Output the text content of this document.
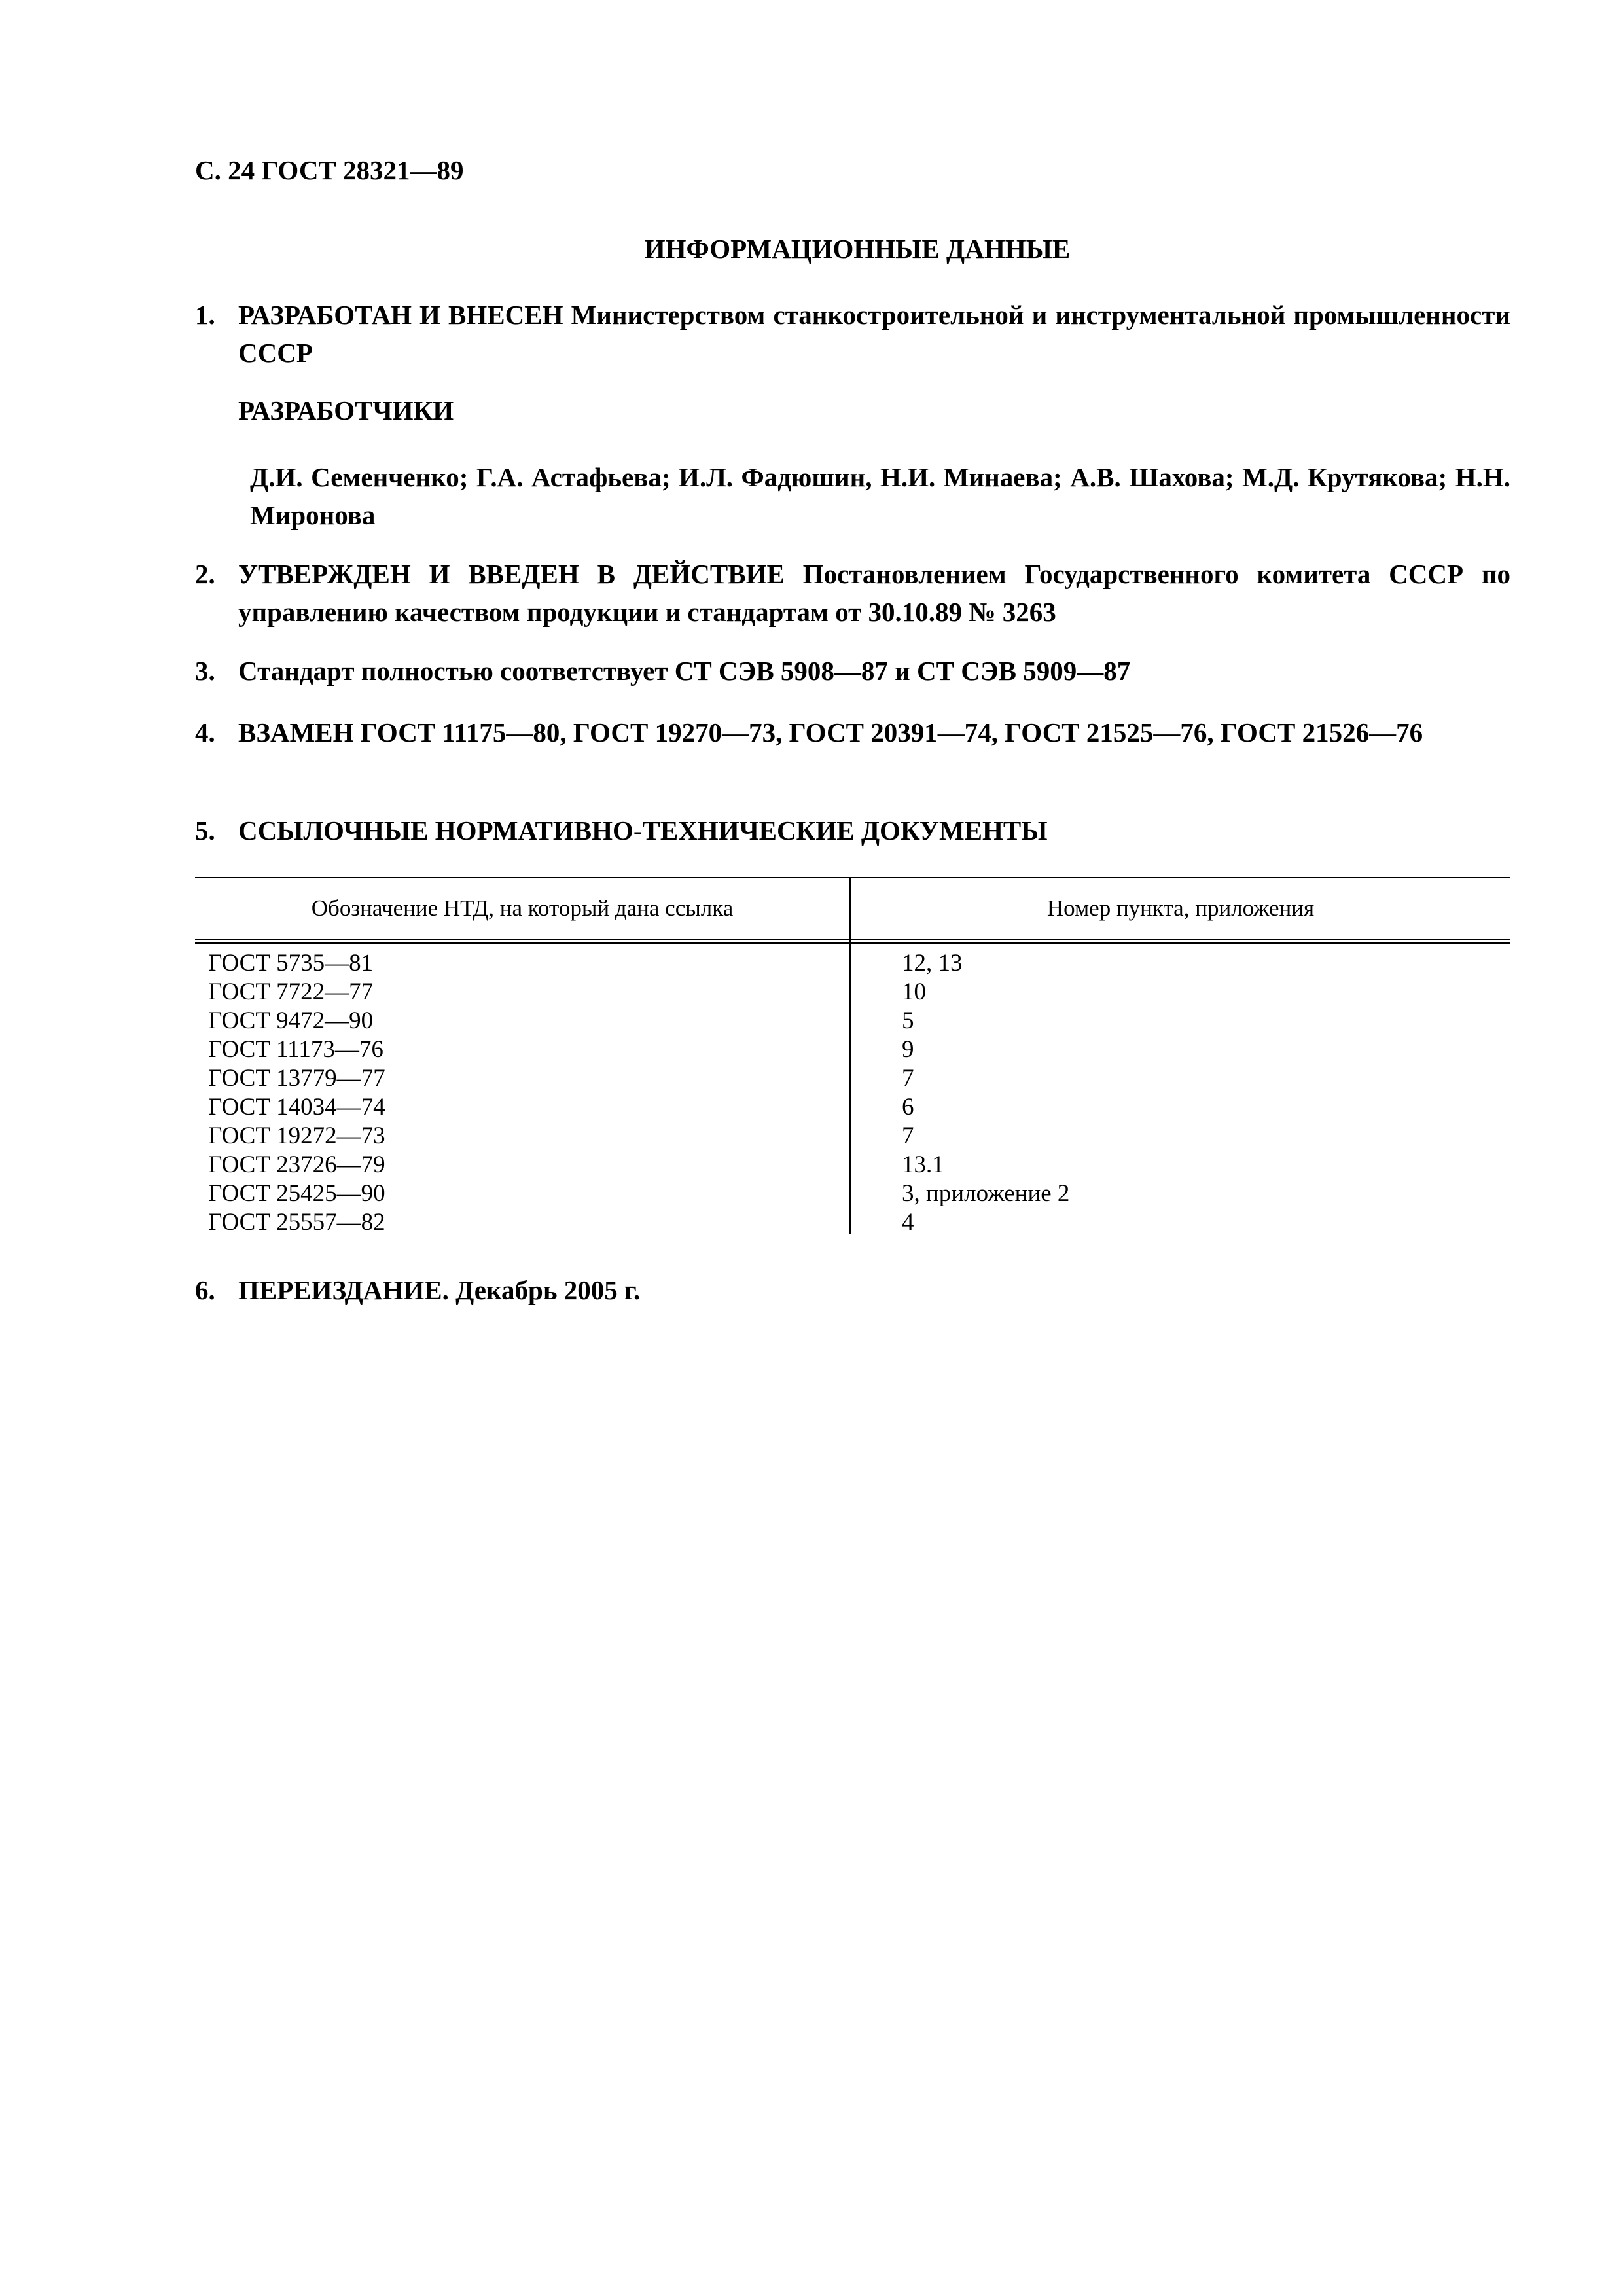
С. 24 ГОСТ 28321—89
ИНФОРМАЦИОННЫЕ ДАННЫЕ
1. РАЗРАБОТАН И ВНЕСЕН Министерством станкостроительной и инструментальной промышленности СССР
РАЗРАБОТЧИКИ
Д.И. Семенченко; Г.А. Астафьева; И.Л. Фадюшин, Н.И. Минаева; А.В. Шахова; М.Д. Крутякова; Н.Н. Миронова
2. УТВЕРЖДЕН И ВВЕДЕН В ДЕЙСТВИЕ Постановлением Государственного комитета СССР по управлению качеством продукции и стандартам от 30.10.89 № 3263
3. Стандарт полностью соответствует СТ СЭВ 5908—87 и СТ СЭВ 5909—87
4. ВЗАМЕН ГОСТ 11175—80, ГОСТ 19270—73, ГОСТ 20391—74, ГОСТ 21525—76, ГОСТ 21526—76
5. ССЫЛОЧНЫЕ НОРМАТИВНО-ТЕХНИЧЕСКИЕ ДОКУМЕНТЫ
Обозначение НТД, на который дана ссылка	Номер пункта, приложения
ГОСТ 5735—81	12, 13
ГОСТ 7722—77	10
ГОСТ 9472—90	5
ГОСТ 11173—76	9
ГОСТ 13779—77	7
ГОСТ 14034—74	6
ГОСТ 19272—73	7
ГОСТ 23726—79	13.1
ГОСТ 25425—90	3, приложение 2
ГОСТ 25557—82	4
6. ПЕРЕИЗДАНИЕ. Декабрь 2005 г.
